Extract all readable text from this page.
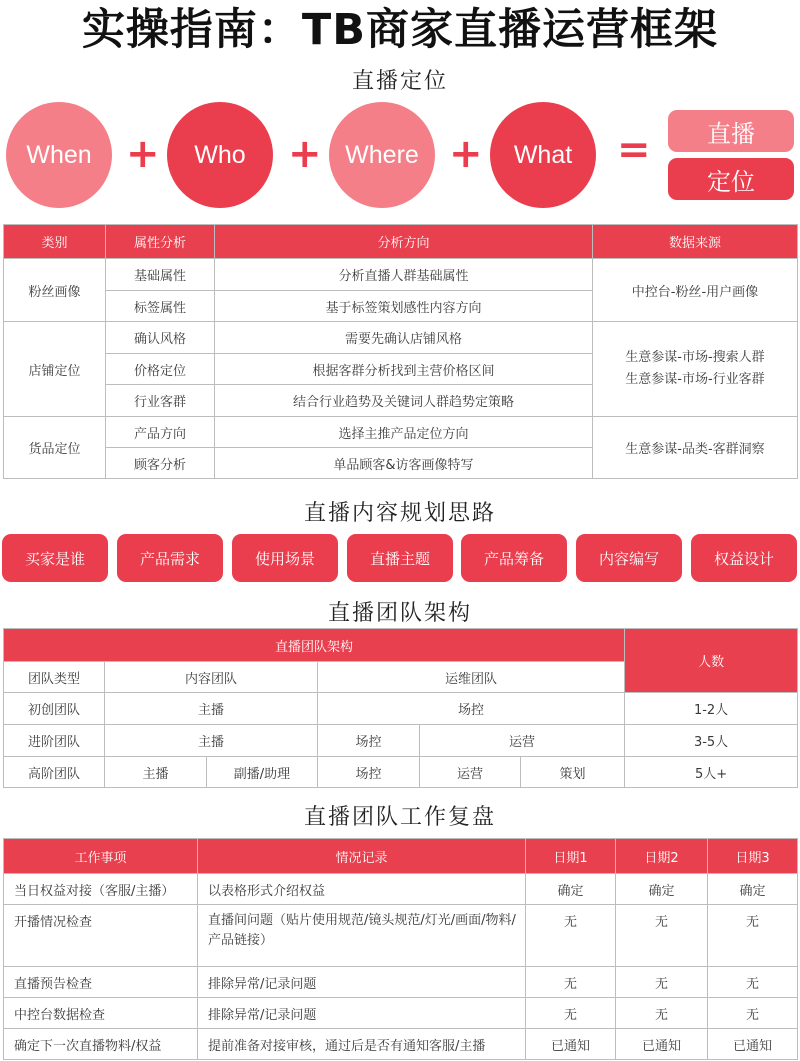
实操指南：TB商家直播运营框架
直播定位
When +	Who	+ Where +	What	=	直播
定位
类别	属性分析	分析方向	数据来源
粉丝画像	基础属性	分析直播人群基础属性	中控台-粉丝-用户画像

	标签属性	基于标签策划感性内容方向	
店铺定位	确认风格	需要先确认店铺风格	生意参谋-市场-搜索人群
生意参谋-市场-行业客群

	价格定位	根据客群分析找到主营价格区间	
	行业客群	结合行业趋势及关键词人群趋势定策略	
货品定位	产品方向	选择主推产品定位方向	生意参谋-品类-客群洞察

	顾客分析	单品顾客&访客画像特写	
直播内容规划思路
买家是谁	产品需求	使用场景	直播主题	产品筹备	内容编写	权益设计
直播团队架构
直播团队架构						人数
团队类型	内容团队		运维团队			
初创团队	主播		场控			1-2人
进阶团队	主播		场控	运营		3-5人
高阶团队	主播	副播/助理	场控	运营	策划	5人+
直播团队工作复盘
工作事项	情况记录	日期1	日期2	日期3
当日权益对接（客服/主播）	以表格形式介绍权益	确定	确定	确定
开播情况检查	直播间问题（贴片使用规范/镜头规范/灯光/画面/物料/产品链接）	无	无	无
直播预告检查	排除异常/记录问题	无	无	无
中控台数据检查	排除异常/记录问题	无	无	无
确定下一次直播物料/权益	提前准备对接审核，通过后是否有通知客服/主播	已通知	已通知	已通知
